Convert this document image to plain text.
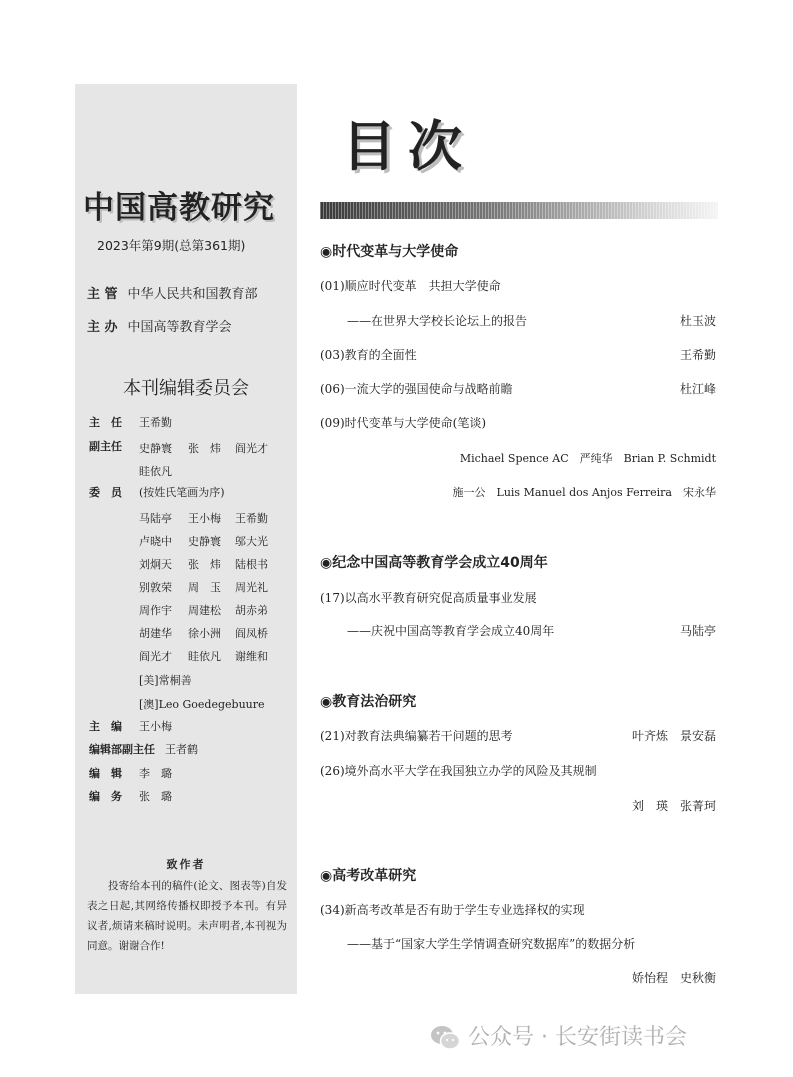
中国高教研究
2023年第9期(总第361期)
主 管 中华人民共和国教育部
主 办 中国高等教育学会
本刊编辑委员会
主　任 王希勤
副主任	史静寰 张　炜 阎光才
眭依凡
委　员 (按姓氏笔画为序)
马陆亭 王小梅 王希勤
卢晓中 史静寰 邬大光
刘炯天 张　炜 陆根书
别敦荣 周　玉 周光礼
周作宇 周建松 胡赤弟
胡建华 徐小洲 阎凤桥
阎光才 眭依凡 谢维和
[美]常桐善
[澳]Leo Goedegebuure
主　编 王小梅
编辑部副主任 王者鹤
编　辑 李　璐
编　务 张　璐
致作者
投寄给本刊的稿件(论文、图表等)自发表之日起,其网络传播权即授予本刊。有异议者,烦请来稿时说明。未声明者,本刊视为同意。谢谢合作!
目次
◉时代变革与大学使命
(01)顺应时代变革　共担大学使命
——在世界大学校长论坛上的报告	杜玉波
(03)教育的全面性	王希勤
(06)一流大学的强国使命与战略前瞻	杜江峰
(09)时代变革与大学使命(笔谈)
Michael Spence AC　严纯华　Brian P. Schmidt
施一公　Luis Manuel dos Anjos Ferreira　宋永华
◉纪念中国高等教育学会成立40周年
(17)以高水平教育研究促高质量事业发展
——庆祝中国高等教育学会成立40周年	马陆亭
◉教育法治研究
(21)对教育法典编纂若干问题的思考	叶齐炼　景安磊
(26)境外高水平大学在我国独立办学的风险及其规制
刘　瑛　张菁珂
◉高考改革研究
(34)新高考改革是否有助于学生专业选择权的实现
——基于“国家大学生学情调查研究数据库”的数据分析
娇怡程　史秋衡
公众号 · 长安街读书会
